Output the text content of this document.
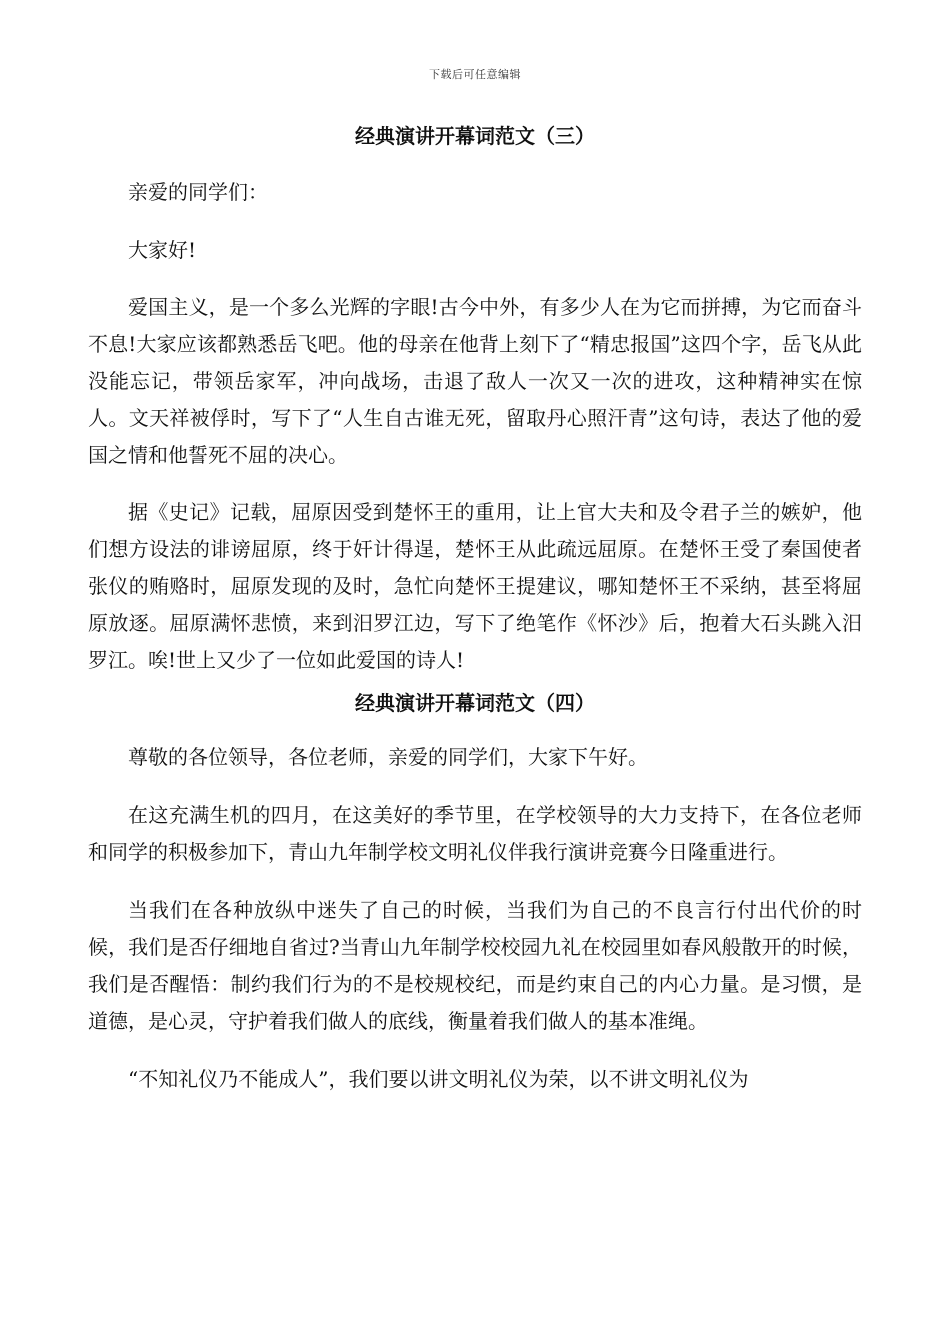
下载后可任意编辑
经典演讲开幕词范文（三）

亲爱的同学们：

大家好!

爱国主义，是一个多么光辉的字眼!古今中外，有多少人在为它而拼搏，为它而奋斗不息!大家应该都熟悉岳飞吧。他的母亲在他背上刻下了“精忠报国”这四个字，岳飞从此没能忘记，带领岳家军，冲向战场，击退了敌人一次又一次的进攻，这种精神实在惊人。文天祥被俘时，写下了“人生自古谁无死，留取丹心照汗青”这句诗，表达了他的爱国之情和他誓死不屈的决心。

据《史记》记载，屈原因受到楚怀王的重用，让上官大夫和及令君子兰的嫉妒，他们想方设法的诽谤屈原，终于奸计得逞，楚怀王从此疏远屈原。在楚怀王受了秦国使者张仪的贿赂时，屈原发现的及时，急忙向楚怀王提建议，哪知楚怀王不采纳，甚至将屈原放逐。屈原满怀悲愤，来到汨罗江边，写下了绝笔作《怀沙》后，抱着大石头跳入汨罗江。唉!世上又少了一位如此爱国的诗人!

经典演讲开幕词范文（四）

尊敬的各位领导，各位老师，亲爱的同学们，大家下午好。

在这充满生机的四月，在这美好的季节里，在学校领导的大力支持下，在各位老师和同学的积极参加下，青山九年制学校文明礼仪伴我行演讲竞赛今日隆重进行。

当我们在各种放纵中迷失了自己的时候，当我们为自己的不良言行付出代价的时候，我们是否仔细地自省过?当青山九年制学校校园九礼在校园里如春风般散开的时候，我们是否醒悟：制约我们行为的不是校规校纪，而是约束自己的内心力量。是习惯，是道德，是心灵，守护着我们做人的底线，衡量着我们做人的基本准绳。

“不知礼仪乃不能成人”，我们要以讲文明礼仪为荣，以不讲文明礼仪为
